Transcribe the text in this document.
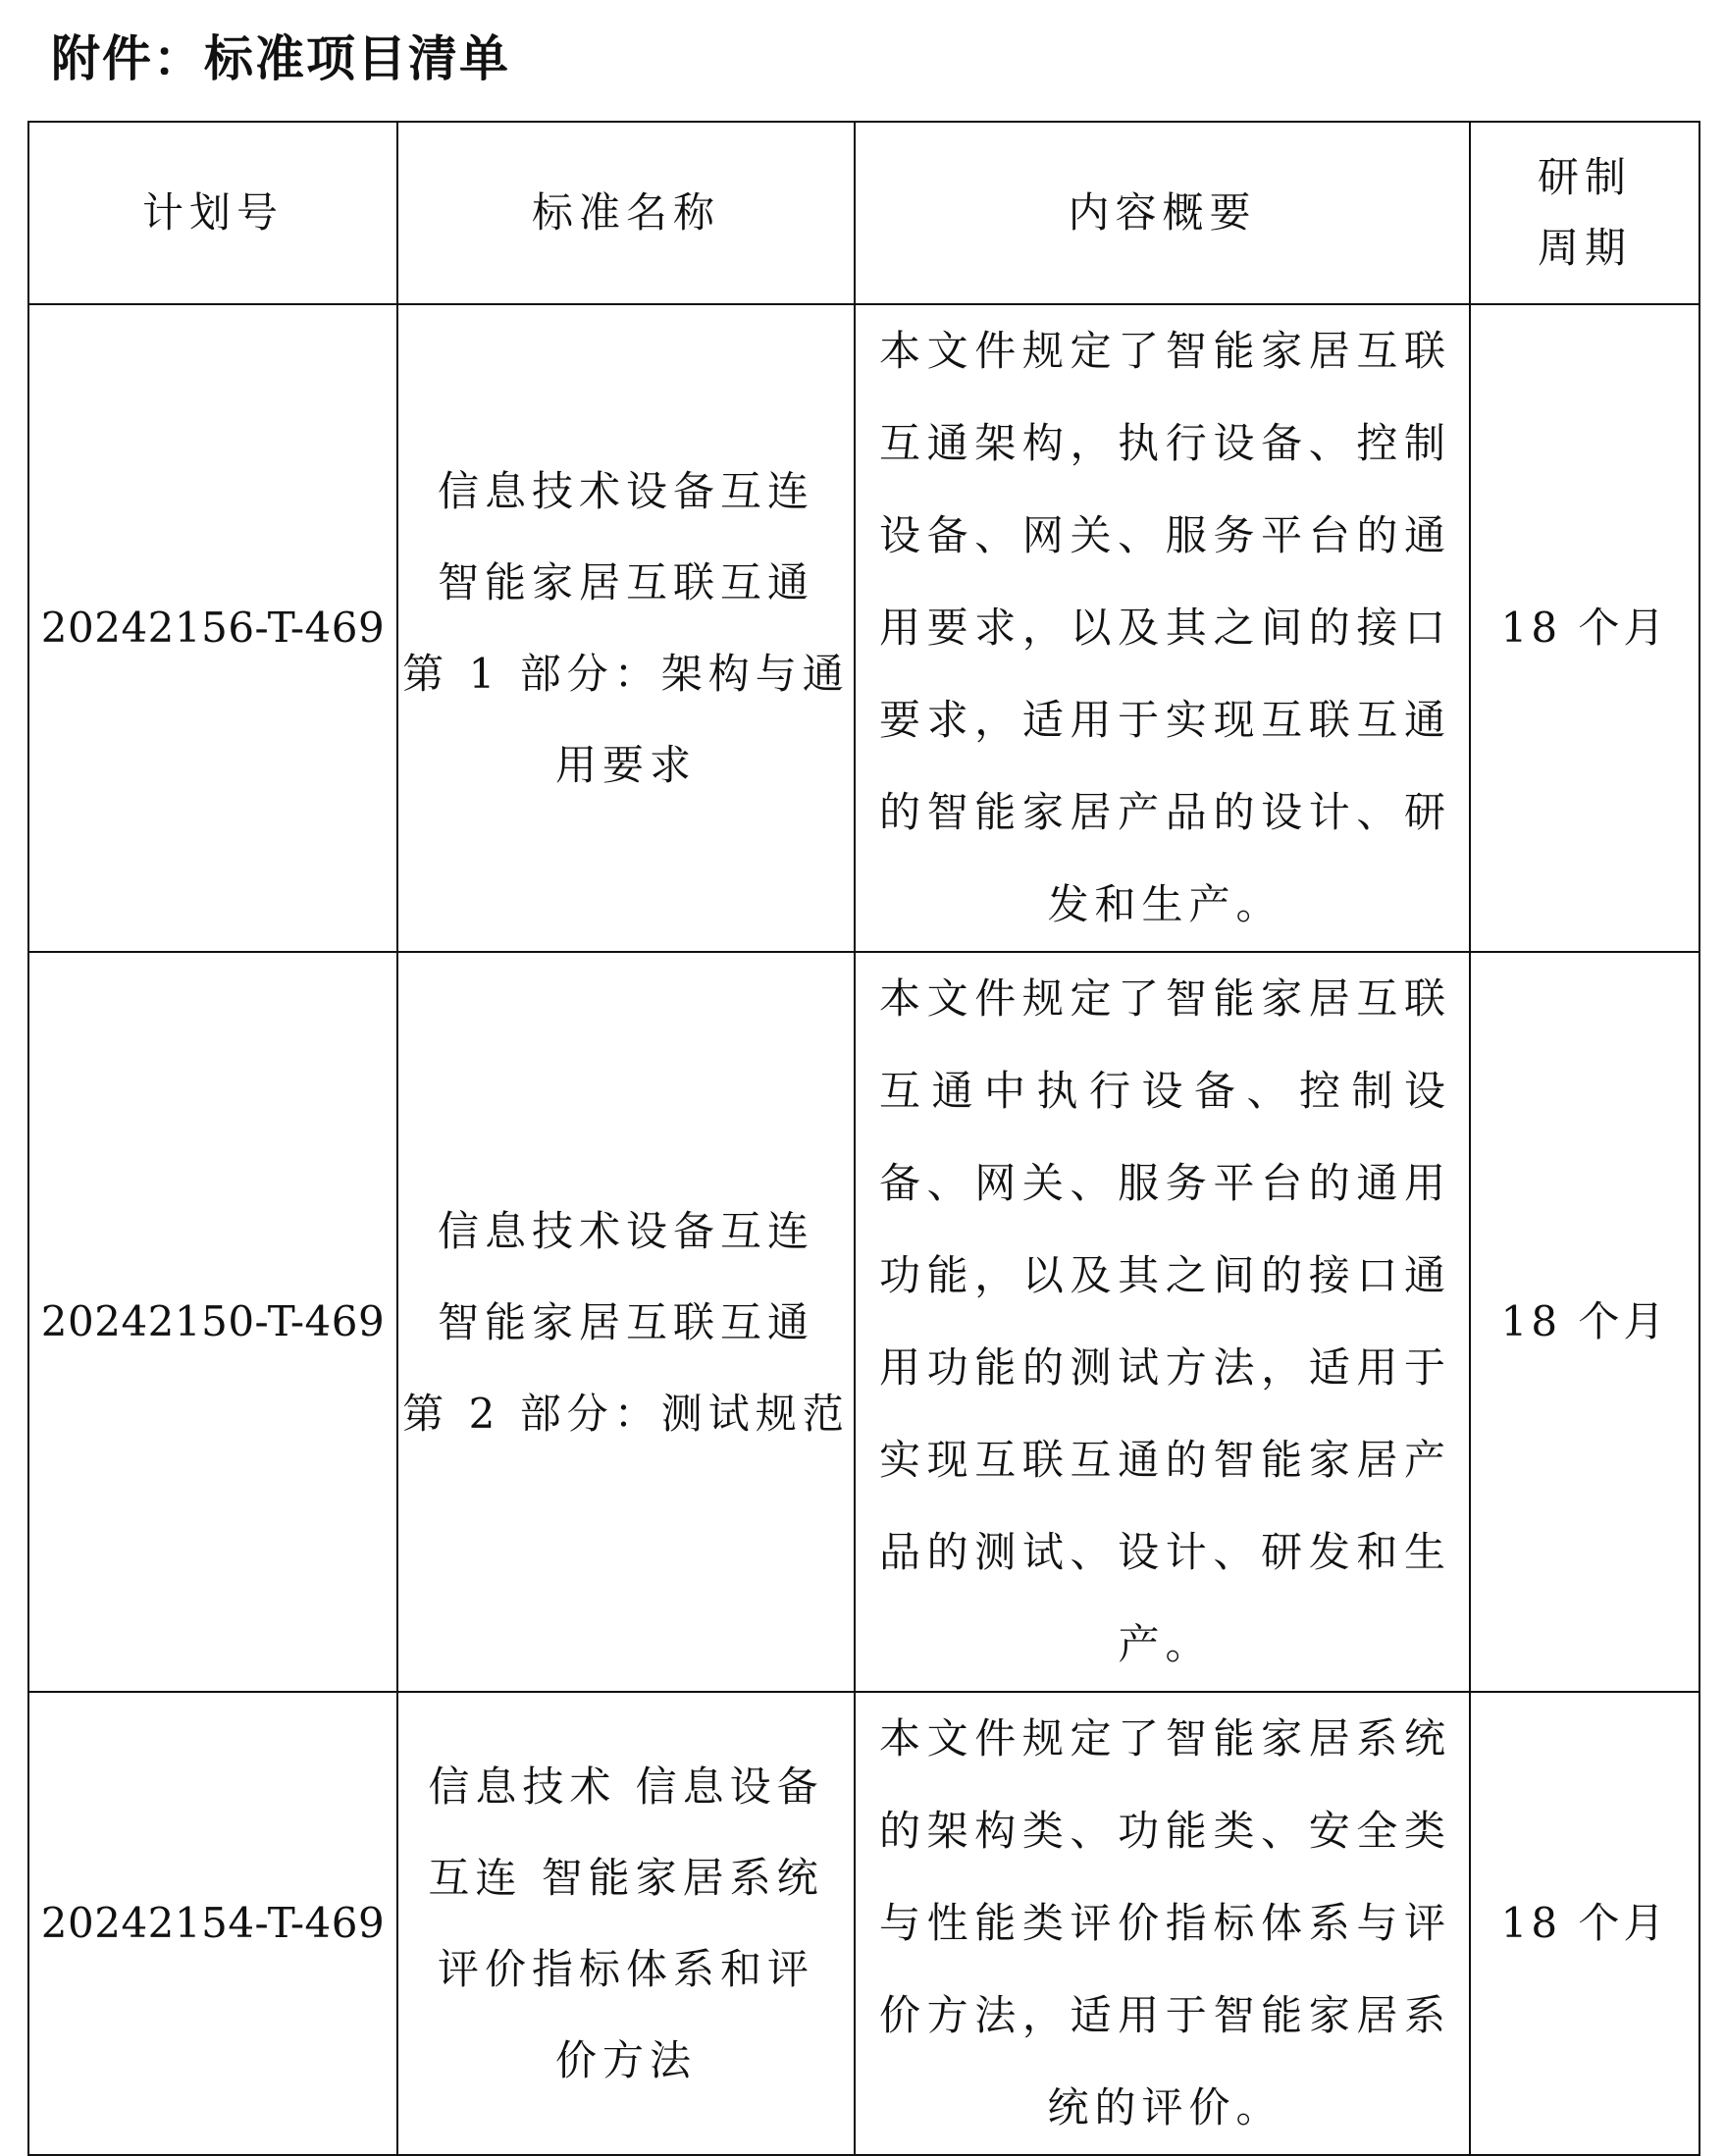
附件：标准项目清单
计划号	标准名称	内容概要	研制周期

20242156-T-469	信息技术设备互连
智能家居互联互通
第 1 部分：架构与通
用要求	本文件规定了智能家居互联互通架构，执行设备、控制设备、网关、服务平台的通用要求，以及其之间的接口要求，适用于实现互联互通的智能家居产品的设计、研发和生产。	18 个月
20242150-T-469	信息技术设备互连
智能家居互联互通
第 2 部分：测试规范	本文件规定了智能家居互联互通中执行设备、控制设备、网关、服务平台的通用功能，以及其之间的接口通用功能的测试方法，适用于实现互联互通的智能家居产品的测试、设计、研发和生产。	18 个月
20242154-T-469	信息技术 信息设备
互连 智能家居系统
评价指标体系和评
价方法	本文件规定了智能家居系统的架构类、功能类、安全类与性能类评价指标体系与评价方法，适用于智能家居系统的评价。	18 个月
